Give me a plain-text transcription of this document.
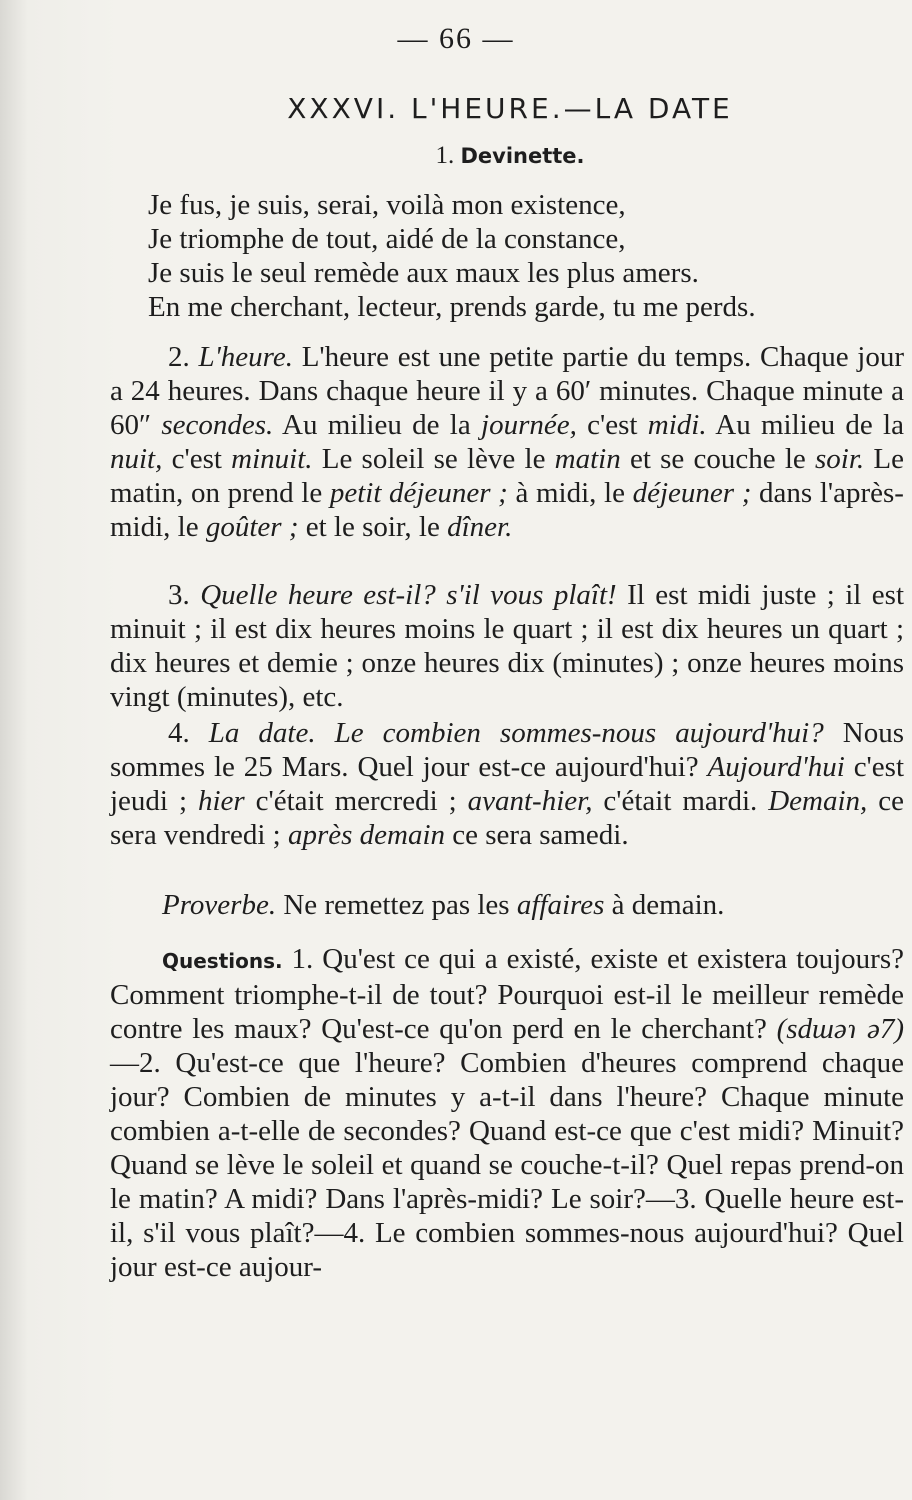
— 66 —
XXXVI. L'HEURE.—LA DATE
1. Devinette.
Je fus, je suis, serai, voilà mon existence,
Je triomphe de tout, aidé de la constance,
Je suis le seul remède aux maux les plus amers.
En me cherchant, lecteur, prends garde, tu me perds.
2. L'heure. L'heure est une petite partie du temps. Chaque jour a 24 heures. Dans chaque heure il y a 60′ minutes. Chaque minute a 60″ secondes. Au milieu de la journée, c'est midi. Au milieu de la nuit, c'est minuit. Le soleil se lève le matin et se couche le soir. Le matin, on prend le petit déjeuner ; à midi, le déjeuner ; dans l'après-midi, le goûter ; et le soir, le dîner.
3. Quelle heure est-il? s'il vous plaît! Il est midi juste ; il est minuit ; il est dix heures moins le quart ; il est dix heures un quart ; dix heures et demie ; onze heures dix (minutes) ; onze heures moins vingt (minutes), etc.
4. La date. Le combien sommes-nous aujourd'hui? Nous sommes le 25 Mars. Quel jour est-ce aujourd'hui? Aujourd'hui c'est jeudi ; hier c'était mercredi ; avant-hier, c'était mardi. Demain, ce sera vendredi ; après demain ce sera samedi.
Proverbe. Ne remettez pas les affaires à demain.
Questions. 1. Qu'est ce qui a existé, existe et existera toujours? Comment triomphe-t-il de tout? Pourquoi est-il le meilleur remède contre les maux? Qu'est-ce qu'on perd en le cherchant? (sdшəɿ ə7)—2. Qu'est-ce que l'heure? Combien d'heures comprend chaque jour? Combien de minutes y a-t-il dans l'heure? Chaque minute combien a-t-elle de secondes? Quand est-ce que c'est midi? Minuit? Quand se lève le soleil et quand se couche-t-il? Quel repas prend-on le matin? A midi? Dans l'après-midi? Le soir?—3. Quelle heure est-il, s'il vous plaît?—4. Le combien sommes-nous aujourd'hui? Quel jour est-ce aujour-
